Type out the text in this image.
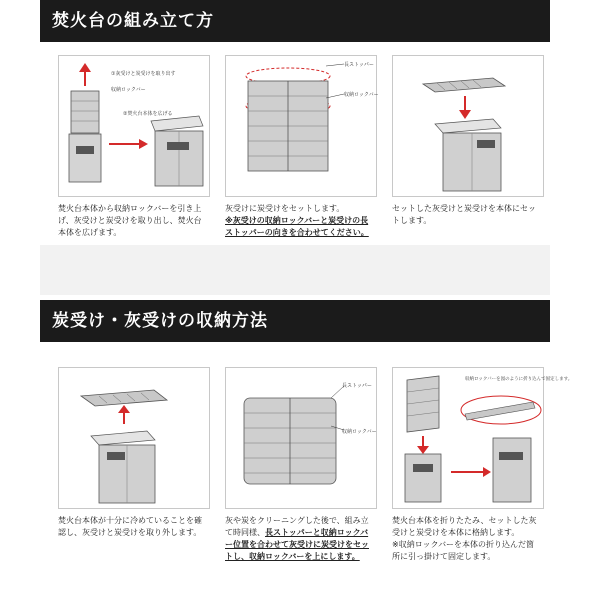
焚火台の組み立て方
①灰受けと炭受けを取り出す
収納ロックバー
②焚火台本体を広げる
焚火台本体から収納ロックバーを引き上げ、灰受けと炭受けを取り出し、焚火台本体を広げます。
長ストッパー
収納ロックバー
灰受けに炭受けをセットします。
※灰受けの収納ロックバーと炭受けの長ストッパーの向きを合わせてください。
セットした灰受けと炭受けを本体にセットします。
炭受け・灰受けの収納方法
焚火台本体が十分に冷めていることを確認し、灰受けと炭受けを取り外します。
長ストッパー
収納ロックバー
灰や炭をクリーニングした後で、組み立て時同様、長ストッパーと収納ロックバー位置を合わせて灰受けに炭受けをセットし、収納ロックバーを上にします。
収納ロックバーを図のように折り込んで固定します。
焚火台本体を折りたたみ、セットした灰受けと炭受けを本体に格納します。
※収納ロックバーを本体の折り込んだ箇所に引っ掛けて固定します。
